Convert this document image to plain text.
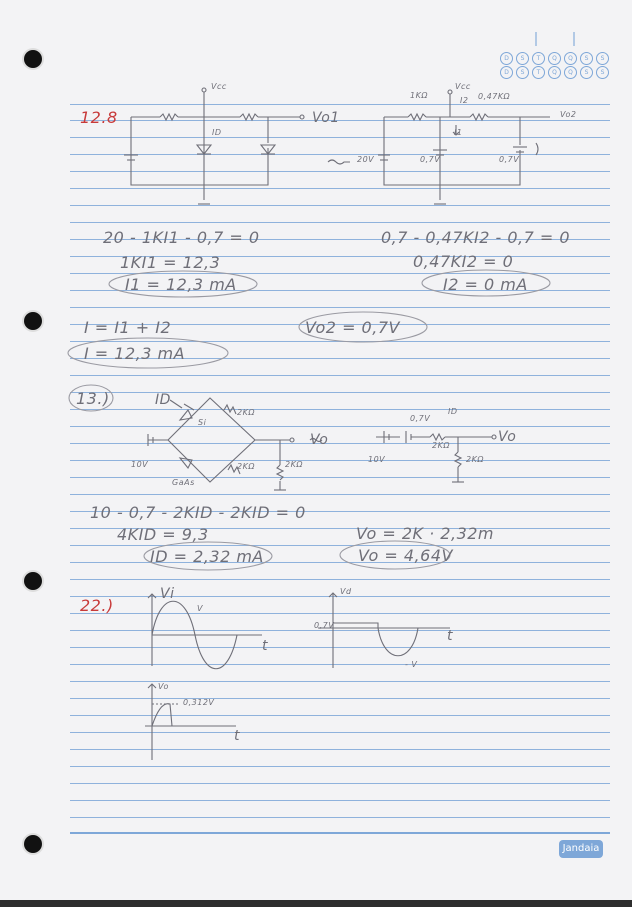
D	S	T	Q	Q	S	S
D	S	T	Q	Q	S	S
12.8
Vcc
ID
Vo1
1KΩ
Vcc
I2 0,47KΩ
Vo2
I1
20V	0,7V	0,7V
20 - 1KI1 - 0,7 = 0
1KI1 = 12,3
I1 = 12,3 mA
0,7 - 0,47KI2 - 0,7 = 0
0,47KI2 = 0
I2 = 0 mA
I = I1 + I2
I = 12,3 mA
Vo2 = 0,7V
13.)	ID
Si
GaAs
2KΩ
2KΩ	2KΩ
Vo
10V
0,7V
ID
2KΩ
2KΩ
10V
Vo
10 - 0,7 - 2KID - 2KID = 0
4KID = 9,3
ID = 2,32 mA
Vo = 2K · 2,32m
Vo = 4,64V
22.)
Vi
V
t
Vd
0,7V
- V
t
Vo
0,312V
t
Jandaia
